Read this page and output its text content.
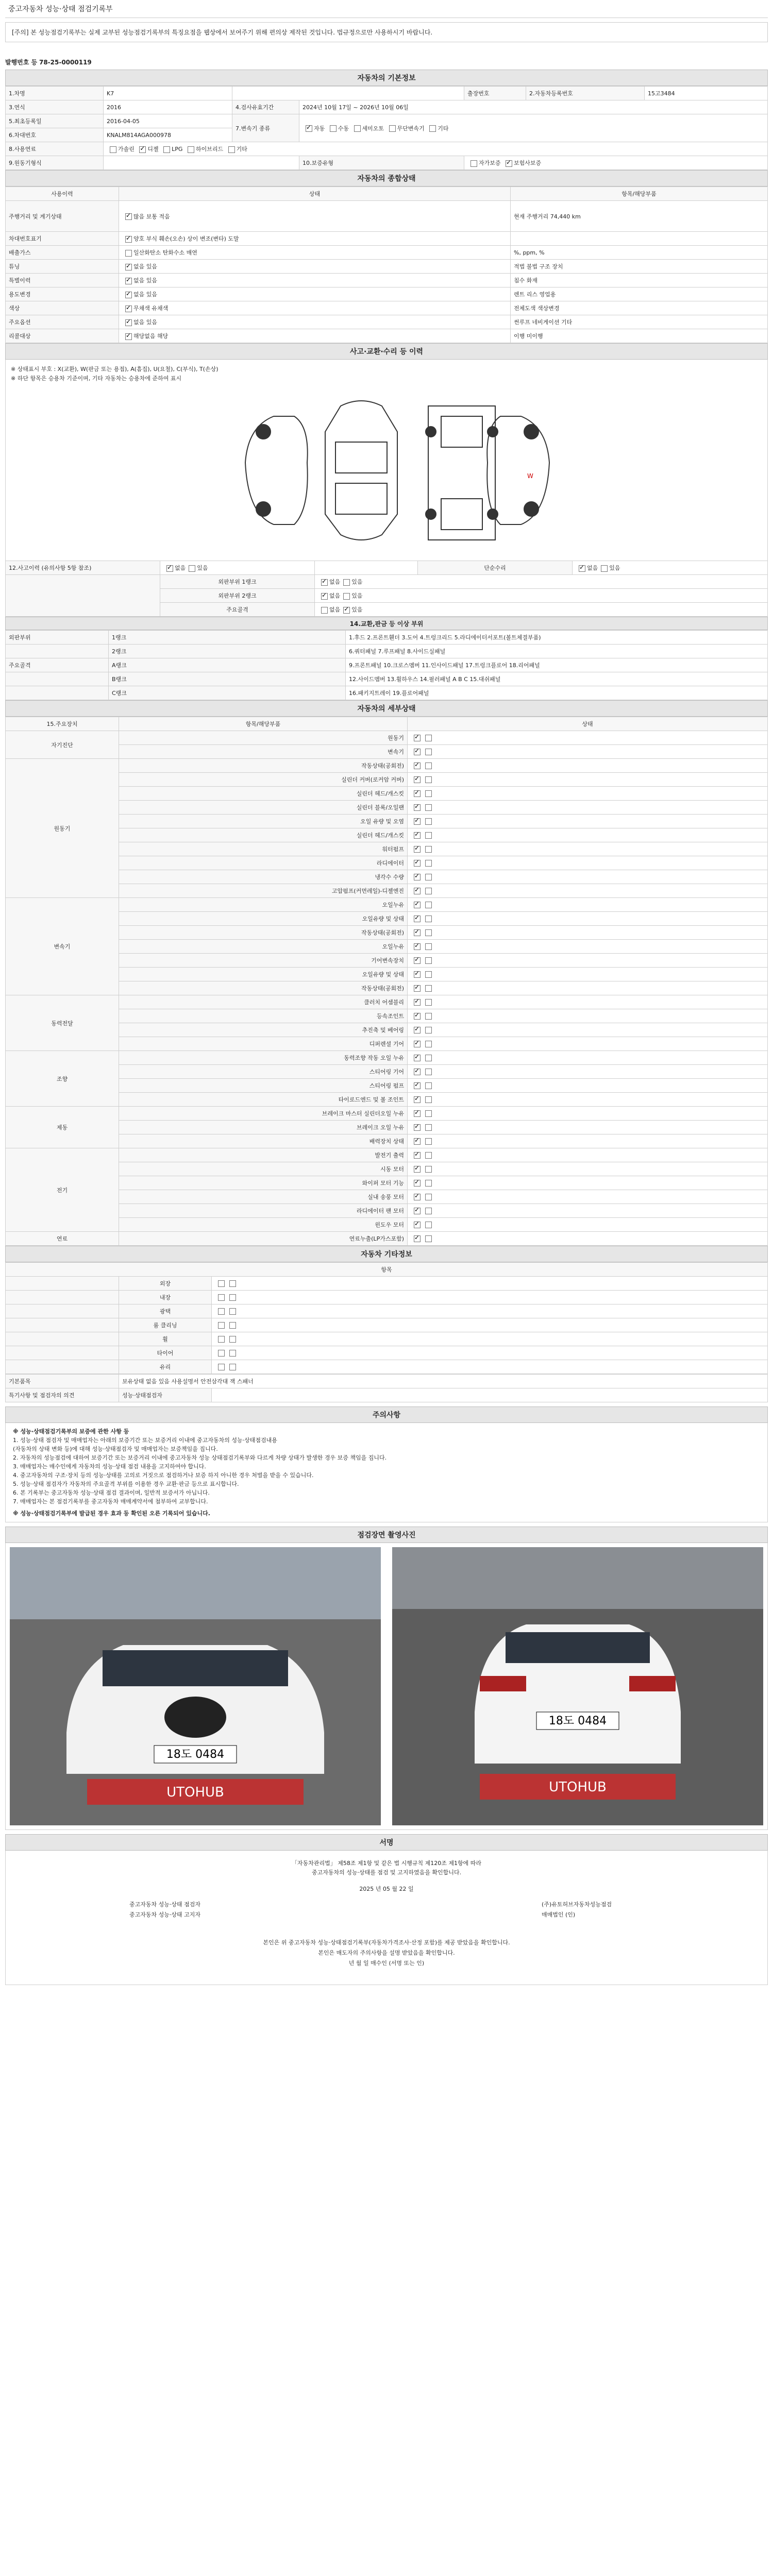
중고자동차 성능·상태 점검기록부
[주의] 본 성능점검기록부는 실제 교부된 성능점검기록부의 특징요점을 웹상에서 보여주기 위해 편의상 제작된 것입니다. 법규정으로만 사용하시기 바랍니다.
발행번호 등 78-25-0000119
자동차의 기본정보
1.차명	K7			출장번호	2.자동차등록번호	15고3484
3.연식	2016	4.검사유효기간	2024년 10월 17일 ~ 2026년 10월 06일			
5.최초등록일	2016-04-05	7.변속기 종류	✓자동 수동 세미오토 무단변속기 기타
6.차대번호	KNALM814AGA000978					
8.사용연료	가솔린 ✓ 디젤 LPG 하이브리드 기타
9.원동기형식			10.보증유형	자가보증 ✓ 보험사보증
자동차의 종합상태
사용이력	상태	항목/해당부품
주행거리 및 계기상태	✓많음 보통 적음	현재 주행거리 74,440 km
차대번호표기	✓양호 부식 훼손(오손) 상이 변조(변타) 도말	
배출가스	일산화탄소 탄화수소 매연	%, ppm, %
튜닝	✓없음 있음	적법 불법 구조 장치
특별이력	✓없음 있음	침수 화재
용도변경	✓없음 있음	렌트 리스 영업용
색상	✓무채색 유채색	전체도색 색상변경
주요옵션	✓없음 있음	썬루프 네비게이션 기타
리콜대상	✓해당없음 해당	이행 미이행
사고·교환·수리 등 이력
※ 상태표시 부호 : X(교환), W(판금 또는 용접), A(흠집), U(요철), C(부식), T(손상)
※ 하단 항목은 승용차 기준이며, 기타 자동차는 승용차에 준하여 표시
W
12.사고이력 (유의사항 5항 참조)	✓없음 있음		단순수리	✓없음 있음
	외판부위 1랭크	✓없음 있음
	외판부위 2랭크	✓없음 있음
	주요골격	없음 ✓ 있음
14.교환,판금 등 이상 부위
외판부위	1랭크	1.후드 2.프론트휀더 3.도어 4.트렁크리드 5.라디에이터서포트(볼트체결부품)
	2랭크	6.쿼터패널 7.루프패널 8.사이드실패널
주요골격	A랭크	9.프론트패널 10.크로스멤버 11.인사이드패널 17.트렁크플로어 18.리어패널
	B랭크	12.사이드멤버 13.휠하우스 14.필러패널 A B C 15.대쉬패널
	C랭크	16.패키지트레이 19.플로어패널
자동차의 세부상태
15.주요장치	항목/해당부품	상태
자기진단	원동기	✓
	변속기	✓
원동기	작동상태(공회전)	✓
	실린더 커버(로커암 커버)	✓
	실린더 헤드/개스킷	✓
	실린더 블록/오일팬	✓
	오일 유량 및 오염	✓
	실린더 헤드/개스킷	✓
	워터펌프	✓
	라디에이터	✓
	냉각수 수량	✓
	고압펌프(커먼레일)-디젤엔진	✓
변속기	오일누유	✓
	오일유량 및 상태	✓
	작동상태(공회전)	✓
	오일누유	✓
	기어변속장치	✓
	오일유량 및 상태	✓
	작동상태(공회전)	✓
동력전달	클러치 어셈블리	✓
	등속조인트	✓
	추진축 및 베어링	✓
	디퍼렌셜 기어	✓
조향	동력조향 작동 오일 누유	✓
	스티어링 기어	✓
	스티어링 펌프	✓
	타이로드엔드 및 볼 조인트	✓
제동	브레이크 마스터 실린더오일 누유	✓
	브레이크 오일 누유	✓
	배력장치 상태	✓
전기	발전기 출력	✓
	시동 모터	✓
	와이퍼 모터 기능	✓
	실내 송풍 모터	✓
	라디에이터 팬 모터	✓
	윈도우 모터	✓
연료	연료누출(LP가스포함)	✓
자동차 기타정보
항목		
	외장	
	내장	
	광택	
	룸 클리닝	
	휠	
	타이어	
	유리	
기본품목	보유상태 없음 있음 사용설명서 안전삼각대 잭 스패너	
특기사항 및 점검자의 의견	성능·상태점검자	
주의사항
※ 성능·상태점검기록부의 보증에 관한 사항 등
1. 성능·상태 점검자 및 매매업자는 아래의 보증기간 또는 보증거리 이내에 중고자동차의 성능·상태점검내용
(자동차의 상태 변화 등)에 대해 성능·상태점검자 및 매매업자는 보증책임을 집니다.
2. 자동차의 성능점검에 대하여 보증기간 또는 보증거리 이내에 중고자동차 성능 상태점검기록부와 다르게 차량 상태가 발생한 경우 보증 책임을 집니다.
3. 매매업자는 매수인에게 자동차의 성능·상태 점검 내용을 고지하여야 합니다.
4. 중고자동차의 구조·장치 등의 성능·상태를 고의로 거짓으로 점검하거나 보증 하지 아니한 경우 처벌을 받을 수 있습니다.
5. 성능·상태 점검자가 자동차의 주요골격 부위를 이용한 경우 교환·판금 등으로 표시합니다.
6. 본 기록부는 중고자동차 성능·상태 점검 결과이며, 일반적 보증서가 아닙니다.
7. 매매업자는 본 점검기록부를 중고자동차 매매계약서에 첨부하여 교부합니다.
※ 성능·상태점검기록부에 발급된 경우 효과 등 확인된 오른 기록되어 있습니다.
점검장면 촬영사진
18도 0484
UTOHUB
18도 0484
UTOHUB
서명
「자동차관리법」 제58조 제1항 및 같은 법 시행규칙 제120조 제1항에 따라
중고자동차의 성능·상태를 점검 및 고지하였음을 확인합니다.
2025 년 05 월 22 일
중고자동차 성능·상태 점검자	(주)유토허브자동차성능점검
중고자동차 성능·상태 고지자	매매법인 (인)
본인은 위 중고자동차 성능·상태점검기록부(자동차가격조사·산정 포함)를 제공 받았음을 확인합니다.
본인은 매도자의 주의사항을 설명 받았음을 확인합니다.
년 월 일 매수인 (서명 또는 인)
